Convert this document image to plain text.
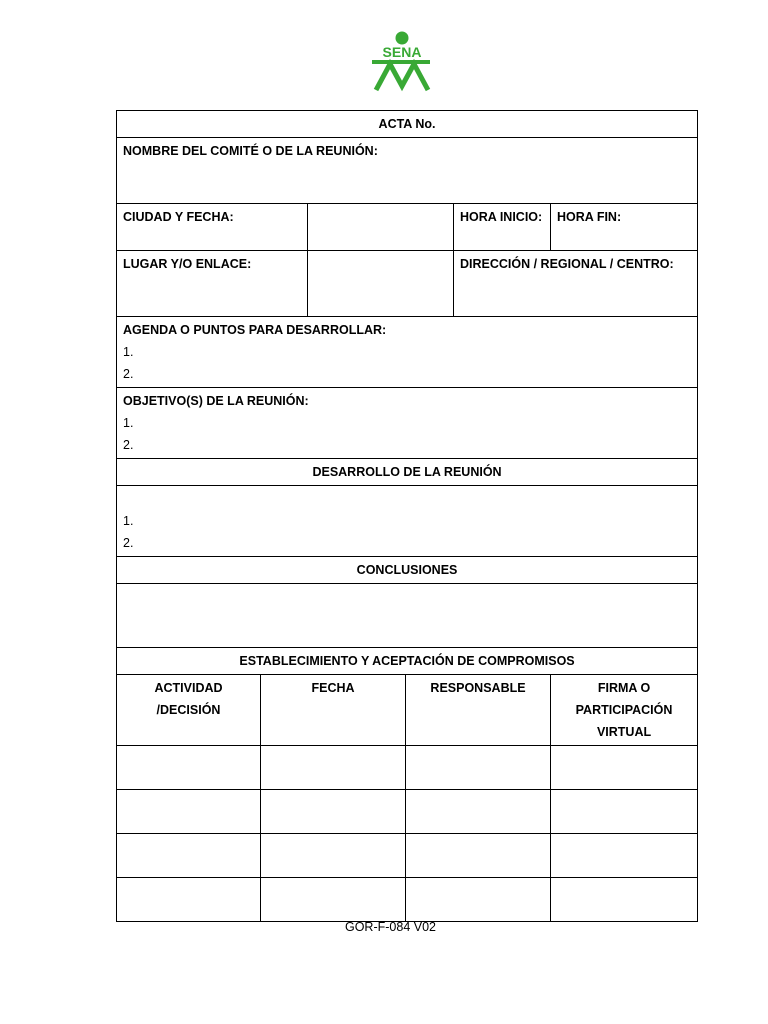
SENA
ACTA No.					
NOMBRE DEL COMITÉ O DE LA REUNIÓN:					
CIUDAD Y FECHA:				HORA INICIO:	HORA FIN:
LUGAR Y/O ENLACE:				DIRECCIÓN / REGIONAL / CENTRO:	

AGENDA O PUNTOS PARA DESARROLLAR:
1.
2.					

OBJETIVO(S) DE LA REUNIÓN:
1.
2.					

DESARROLLO DE LA REUNIÓN					

1.
2.					

CONCLUSIONES					

ESTABLECIMIENTO Y ACEPTACIÓN DE COMPROMISOS					
ACTIVIDAD /DECISIÓN	FECHA		RESPONSABLE		FIRMA O PARTICIPACIÓN VIRTUAL

GOR-F-084 V02
